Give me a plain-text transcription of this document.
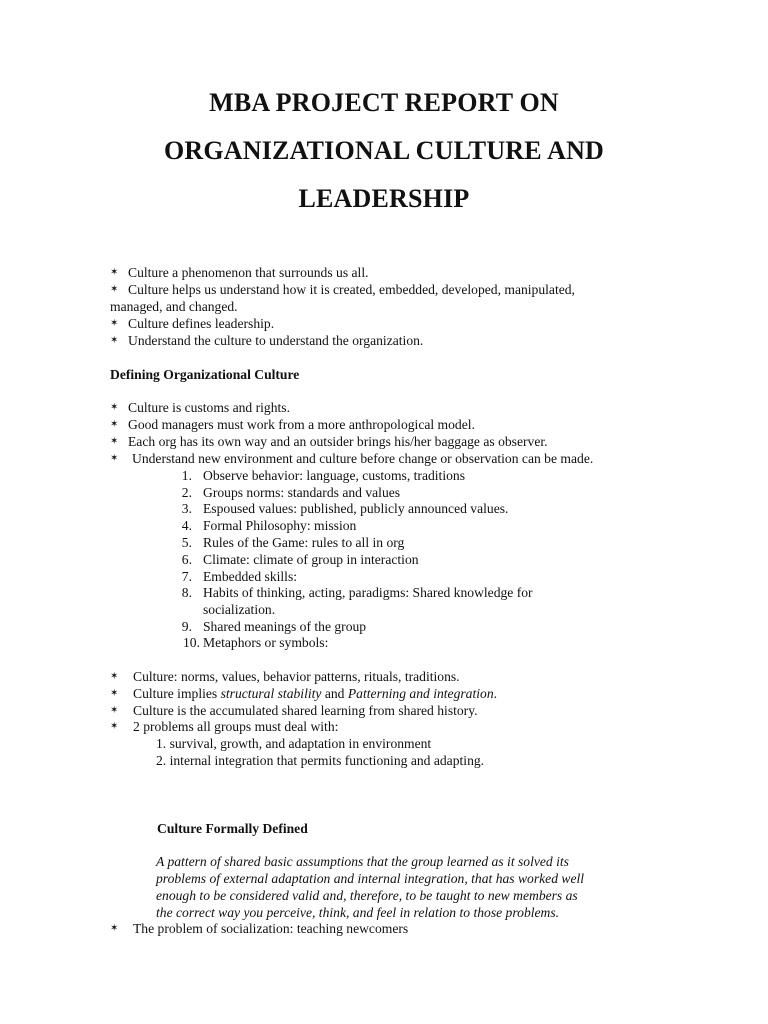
MBA PROJECT REPORT ON
ORGANIZATIONAL CULTURE AND
LEADERSHIP
✶
Culture a phenomenon that surrounds us all.
✶
Culture helps us understand how it is created, embedded, developed, manipulated,
managed, and changed.
✶
Culture defines leadership.
✶
Understand the culture to understand the organization.
Defining Organizational Culture
✶
Culture is customs and rights.
✶
Good managers must work from a more anthropological model.
✶
Each org has its own way and an outsider brings his/her baggage as observer.
✶
Understand new environment and culture before change or observation can be made.
1. Observe behavior: language, customs, traditions
2. Groups norms: standards and values
3. Espoused values: published, publicly announced values.
4. Formal Philosophy: mission
5. Rules of the Game: rules to all in org
6. Climate: climate of group in interaction
7. Embedded skills:
8. Habits of thinking, acting, paradigms: Shared knowledge for
socialization.
9. Shared meanings of the group
10. Metaphors or symbols:
✶
Culture: norms, values, behavior patterns, rituals, traditions.
✶
Culture implies structural stability and Patterning and integration.
✶
Culture is the accumulated shared learning from shared history.
✶
2 problems all groups must deal with:
1. survival, growth, and adaptation in environment
2. internal integration that permits functioning and adapting.
Culture Formally Defined
A pattern of shared basic assumptions that the group learned as it solved its
problems of external adaptation and internal integration, that has worked well
enough to be considered valid and, therefore, to be taught to new members as
the correct way you perceive, think, and feel in relation to those problems.
✶
The problem of socialization: teaching newcomers
